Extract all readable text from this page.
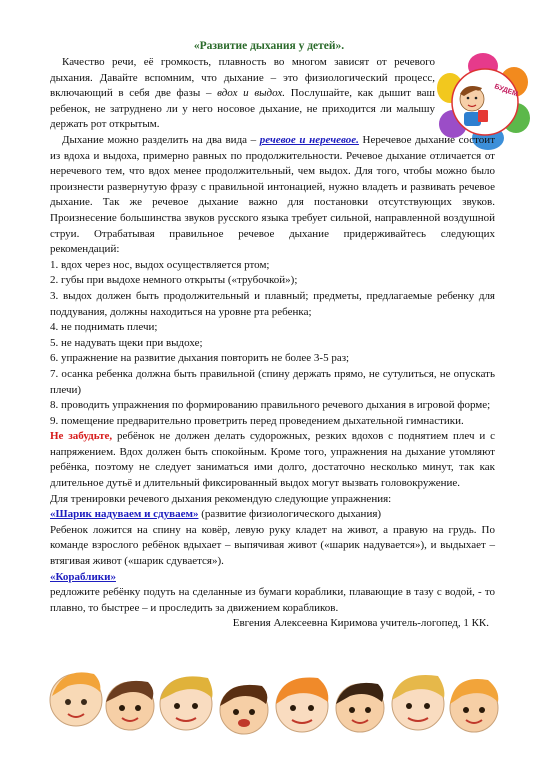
«Развитие дыхания у детей».
Качество речи, её громкость, плавность во многом зависят от речевого дыхания. Давайте вспомним, что дыхание – это физиологический процесс, включающий в себя две фазы – вдох и выдох. Послушайте, как дышит ваш ребенок, не затруднено ли у него носовое дыхание, не приходится ли малышу держать рот открытым.
БУДЕМ

Дыхание можно разделить на два вида – речевое и неречевое. Неречевое дыхание состоит из вдоха и выдоха, примерно равных по продолжительности. Речевое дыхание отличается от неречевого тем, что вдох менее продолжительный, чем выдох. Для того, чтобы можно было произнести развернутую фразу с правильной интонацией, нужно владеть и развивать речевое дыхание. Так же речевое дыхание важно для постановки отсутствующих звуков. Произнесение большинства звуков русского языка требует сильной, направленной воздушной струи. Отрабатывая правильное речевое дыхание придерживайтесь следующих рекомендаций:

1. вдох через нос, выдох осуществляется ртом;

2. губы при выдохе немного открыты («трубочкой»);

3. выдох должен быть продолжительный и плавный; предметы, предлагаемые ребенку для поддувания, должны находиться на уровне рта ребенка;

4. не поднимать плечи;

5. не надувать щеки при выдохе;

6. упражнение на развитие дыхания повторить не более 3-5 раз;

7. осанка ребенка должна быть правильной (спину держать прямо, не сутулиться, не опускать плечи)

8. проводить упражнения по формированию правильного речевого дыхания в игровой форме;

9. помещение предварительно проветрить перед проведением дыхательной гимнастики.

Не забудьте, ребёнок не должен делать судорожных, резких вдохов с поднятием плеч и с напряжением. Вдох должен быть спокойным. Кроме того, упражнения на дыхание утомляют ребёнка, поэтому не следует заниматься ими долго, достаточно несколько минут, так как длительное дутьё и длительный фиксированный выдох могут вызвать головокружение.

Для тренировки речевого дыхания рекомендую следующие упражнения:

«Шарик надуваем и сдуваем» (развитие физиологического дыхания)

Ребенок ложится на спину на ковёр, левую руку кладет на живот, а правую на грудь. По команде взрослого ребёнок вдыхает – выпячивая живот («шарик надувается»), и выдыхает – втягивая живот («шарик сдувается»).

«Кораблики»

редложите ребёнку подуть на сделанные из бумаги кораблики, плавающие в тазу с водой, - то плавно, то быстрее – и проследить за движением корабликов.

Евгения Алексеевна Киримова учитель-логопед, 1 КК.
